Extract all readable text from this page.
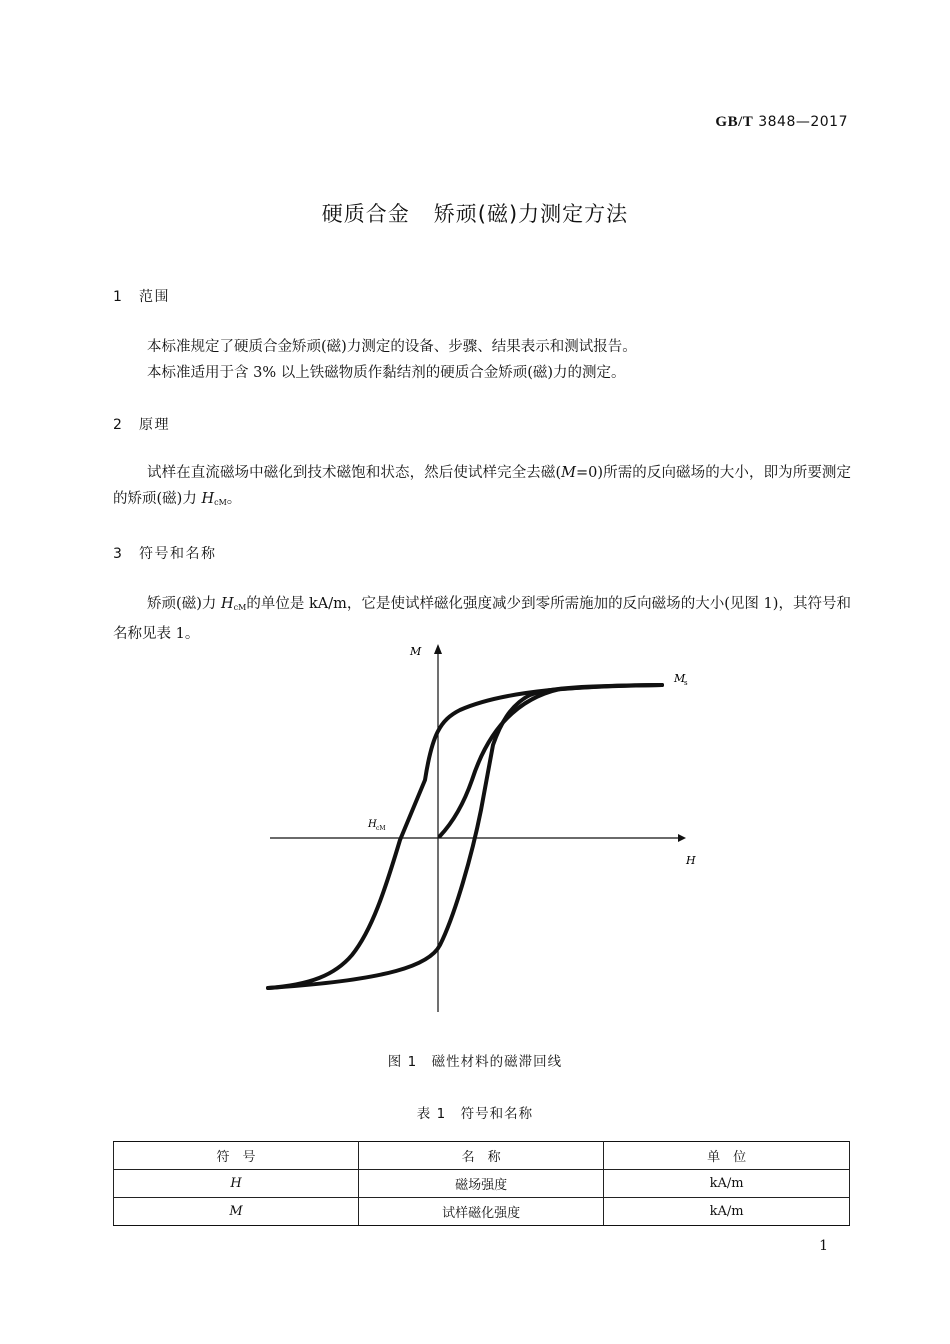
GB/T 3848—2017
硬质合金 矫顽(磁)力测定方法
1 范围
本标准规定了硬质合金矫顽(磁)力测定的设备、步骤、结果表示和测试报告。
本标准适用于含 3% 以上铁磁物质作黏结剂的硬质合金矫顽(磁)力的测定。
2 原理
试样在直流磁场中磁化到技术磁饱和状态，然后使试样完全去磁(M=0)所需的反向磁场的大小，即为所要测定的矫顽(磁)力 $H_{cM}$。
3 符号和名称
矫顽(磁)力 $H_{cM}$的单位是 kA/m，它是使试样磁化强度减少到零所需施加的反向磁场的大小(见图 1)，其符号和名称见表 1。
M
H
M
s
H cM
图 1　磁性材料的磁滞回线
表 1　符号和名称
符　号	名　称	单　位
H	磁场强度	kA/m
M	试样磁化强度	kA/m
1
